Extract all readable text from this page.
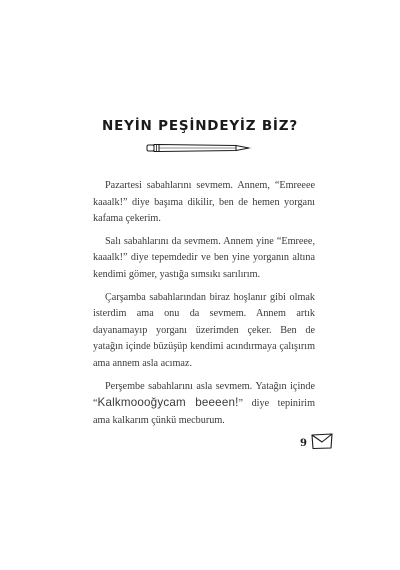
NEYİN PEŞİNDEYİZ BİZ?

Pazartesi sabahlarını sevmem. Annem, “Emreeee kaaalk!” diye başıma dikilir, ben de hemen yorganı kafama çekerim.

Salı sabahlarını da sevmem. Annem yine “Emreee, kaaalk!” diye tepemdedir ve ben yine yorganın altına kendimi gömer, yastığa sımsıkı sarılırım.

Çarşamba sabahlarından biraz hoşlanır gibi olmak isterdim ama onu da sevmem. Annem artık dayanamayıp yorganı üzerimden çeker. Ben de yatağın içinde büzüşüp kendimi acındırmaya çalışırım ama annem asla acımaz.

Perşembe sabahlarını asla sevmem. Yatağın içinde “Kalkmoooğycam beeeen!” diye tepinirim ama kalkarım çünkü mecburum.

9
